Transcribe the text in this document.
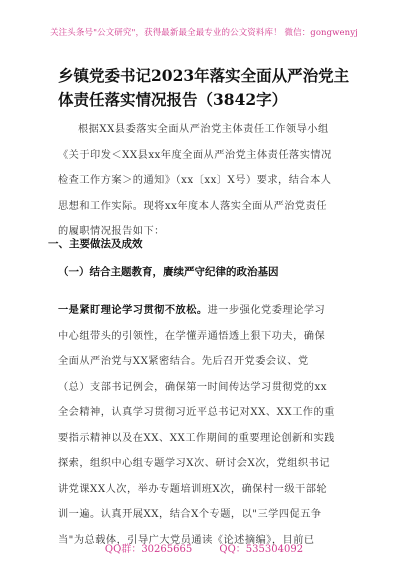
关注头条号"公文研究"，获得最新最全最专业的公文资料库！ 微信：gongwenyj
乡镇党委书记2023年落实全面从严治党主
体责任落实情况报告（3842字）
根据XX县委落实全面从严治党主体责任工作领导小组
《关于印发＜XX县xx年度全面从严治党主体责任落实情况
检查工作方案＞的通知》（xx〔xx〕X号）要求，结合本人
思想和工作实际。现将xx年度本人落实全面从严治党责任
的履职情况报告如下：
一、主要做法及成效
（一）结合主题教育，賡续严守纪律的政治基因
一是紧盯理论学习贯彻不放松。进一步强化党委理论学习
中心组带头的引领性，在学懂弄通悟透上狠下功夫，确保
全面从严治党与XX紧密结合。先后召开党委会议、党
（总）支部书记例会，确保第一时间传达学习贯彻党的xx
全会精神，认真学习贯彻习近平总书记对XX、XX工作的重
要指示精神以及在XX、XX工作期间的重要理论创新和实践
探索，组织中心组专题学习X次、研讨会X次，党组织书记
讲党课XX人次，举办专题培训班X次，确保村一级干部轮
训一遍。认真开展XX，结合X个专题，以"三学四促五争
当"为总载体，引导广大党员通读《论述摘编》，目前已
QQ群：30265665	QQ：535304092
